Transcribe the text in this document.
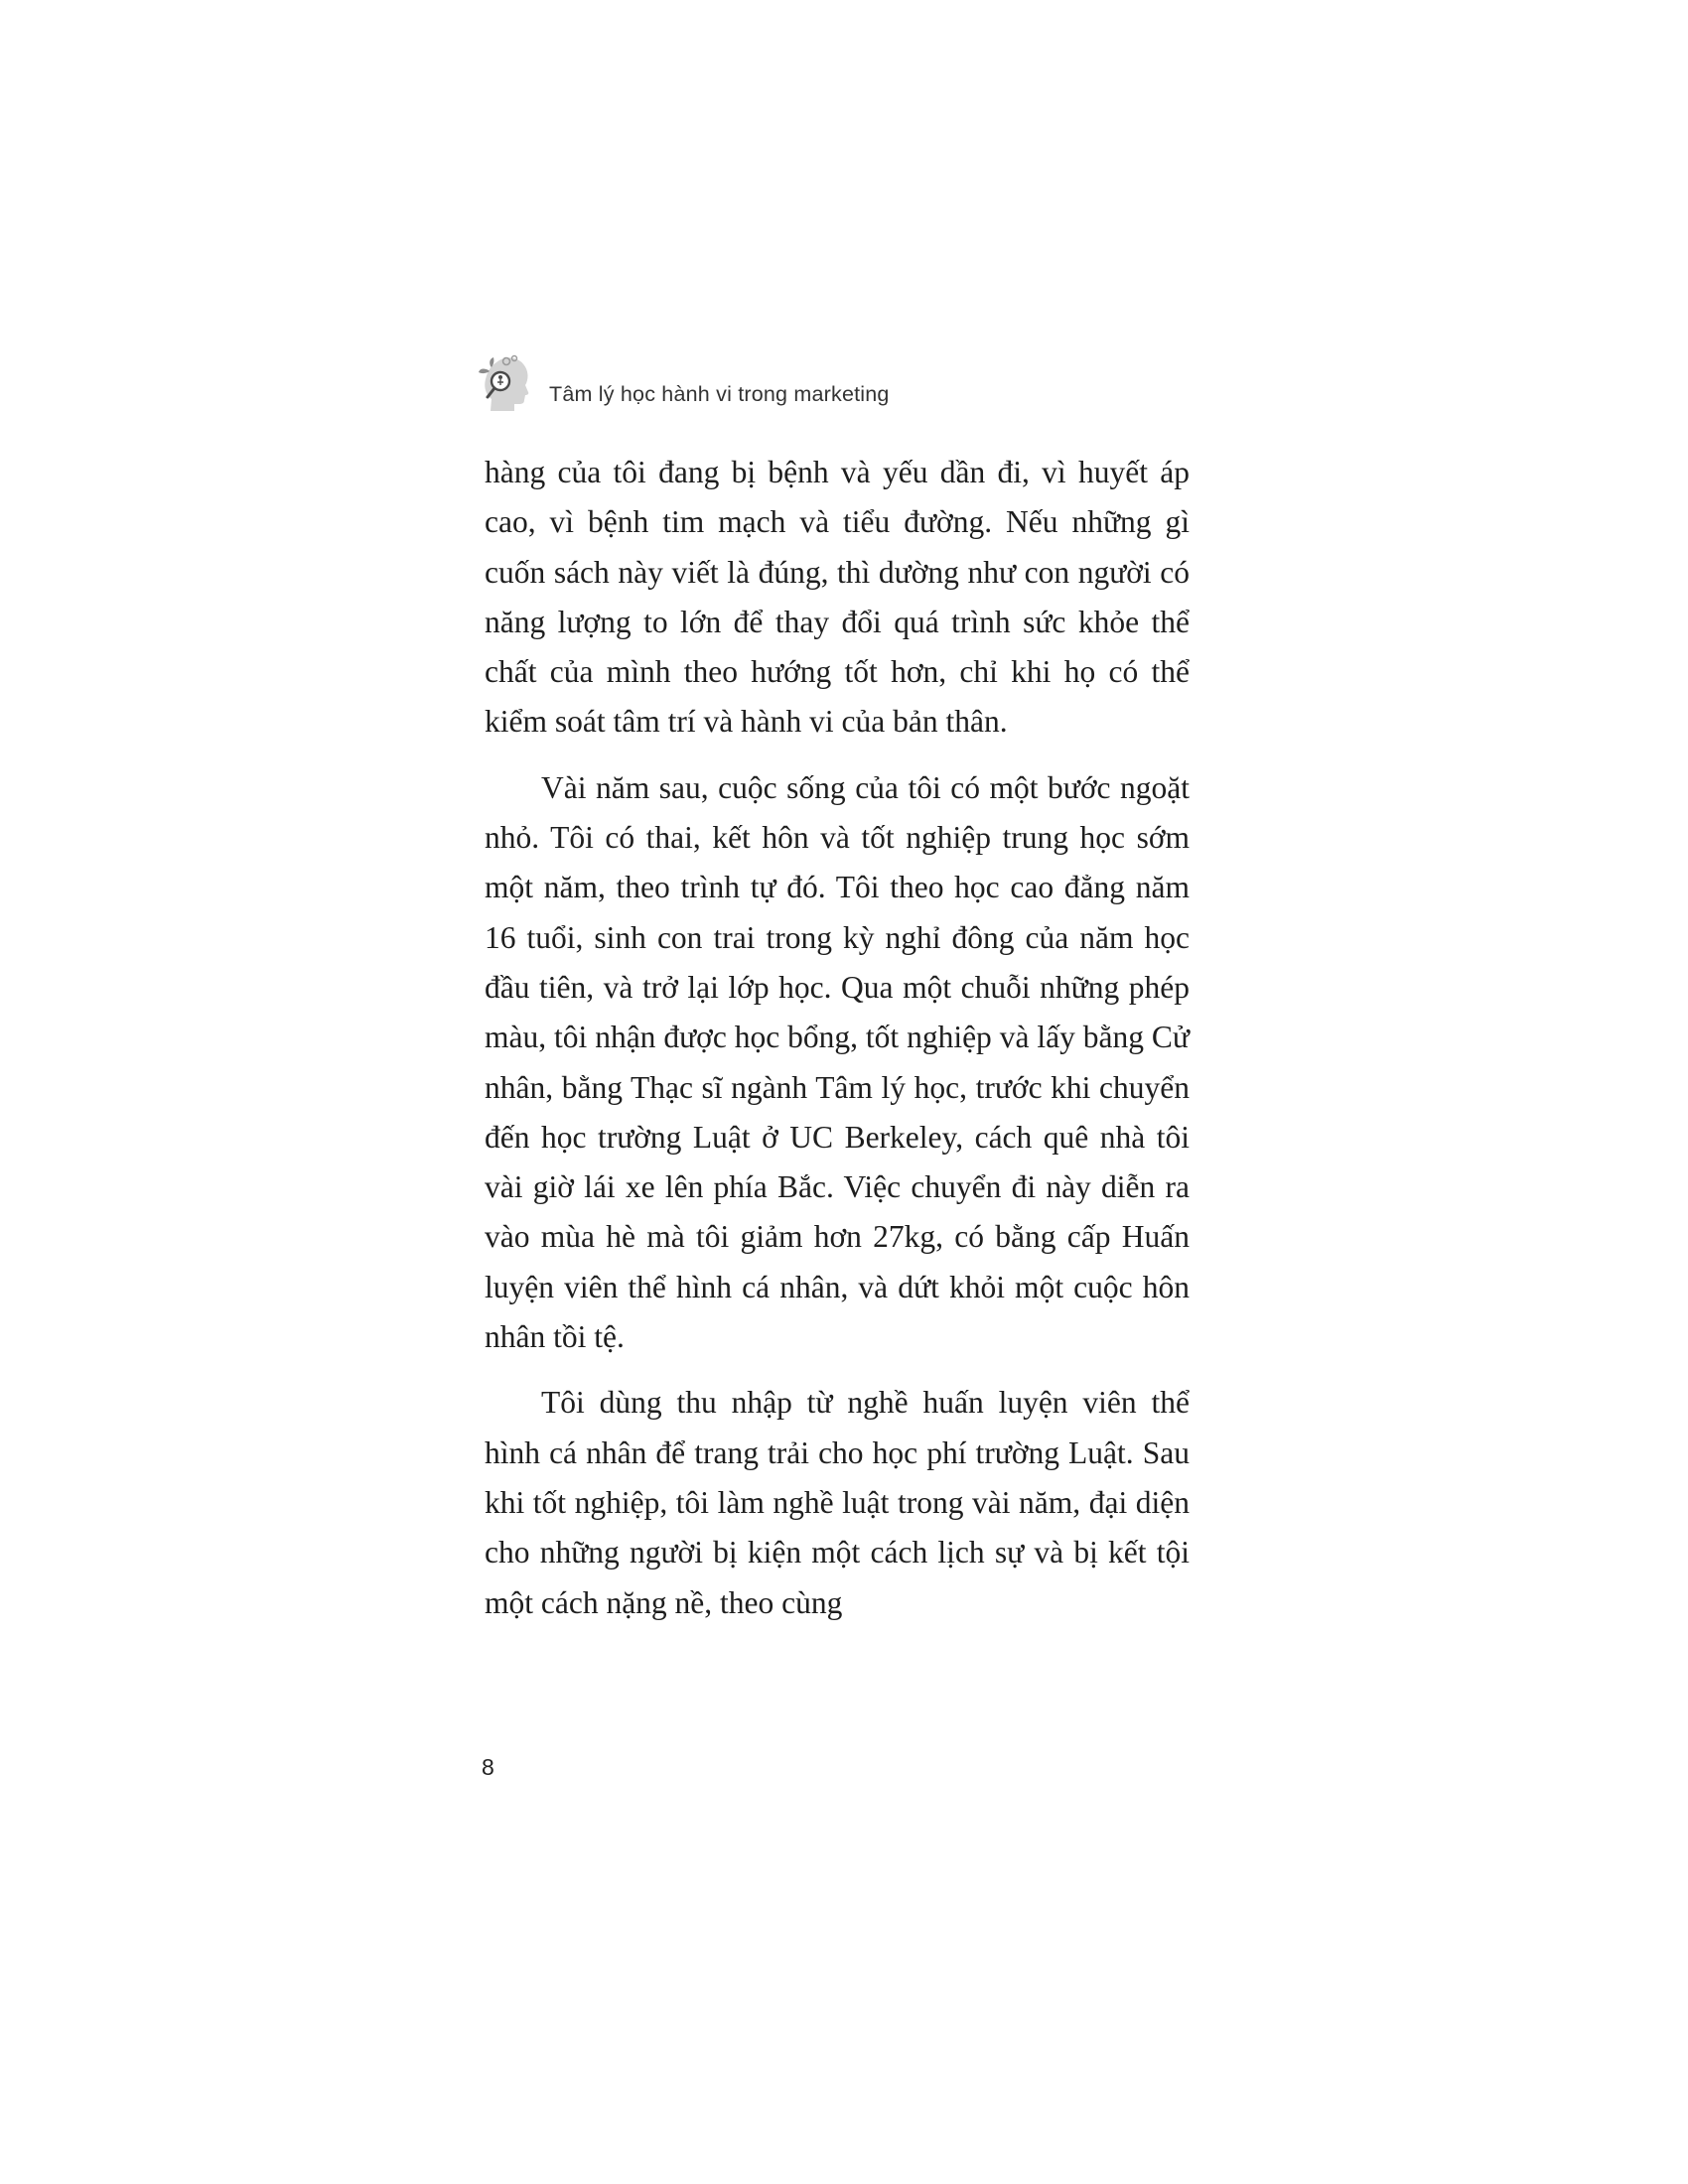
Tâm lý học hành vi trong marketing

hàng của tôi đang bị bệnh và yếu dần đi, vì huyết áp cao, vì bệnh tim mạch và tiểu đường. Nếu những gì cuốn sách này viết là đúng, thì dường như con người có năng lượng to lớn để thay đổi quá trình sức khỏe thể chất của mình theo hướng tốt hơn, chỉ khi họ có thể kiểm soát tâm trí và hành vi của bản thân.

Vài năm sau, cuộc sống của tôi có một bước ngoặt nhỏ. Tôi có thai, kết hôn và tốt nghiệp trung học sớm một năm, theo trình tự đó. Tôi theo học cao đẳng năm 16 tuổi, sinh con trai trong kỳ nghỉ đông của năm học đầu tiên, và trở lại lớp học. Qua một chuỗi những phép màu, tôi nhận được học bổng, tốt nghiệp và lấy bằng Cử nhân, bằng Thạc sĩ ngành Tâm lý học, trước khi chuyển đến học trường Luật ở UC Berkeley, cách quê nhà tôi vài giờ lái xe lên phía Bắc. Việc chuyển đi này diễn ra vào mùa hè mà tôi giảm hơn 27kg, có bằng cấp Huấn luyện viên thể hình cá nhân, và dứt khỏi một cuộc hôn nhân tồi tệ.

Tôi dùng thu nhập từ nghề huấn luyện viên thể hình cá nhân để trang trải cho học phí trường Luật. Sau khi tốt nghiệp, tôi làm nghề luật trong vài năm, đại diện cho những người bị kiện một cách lịch sự và bị kết tội một cách nặng nề, theo cùng

8
